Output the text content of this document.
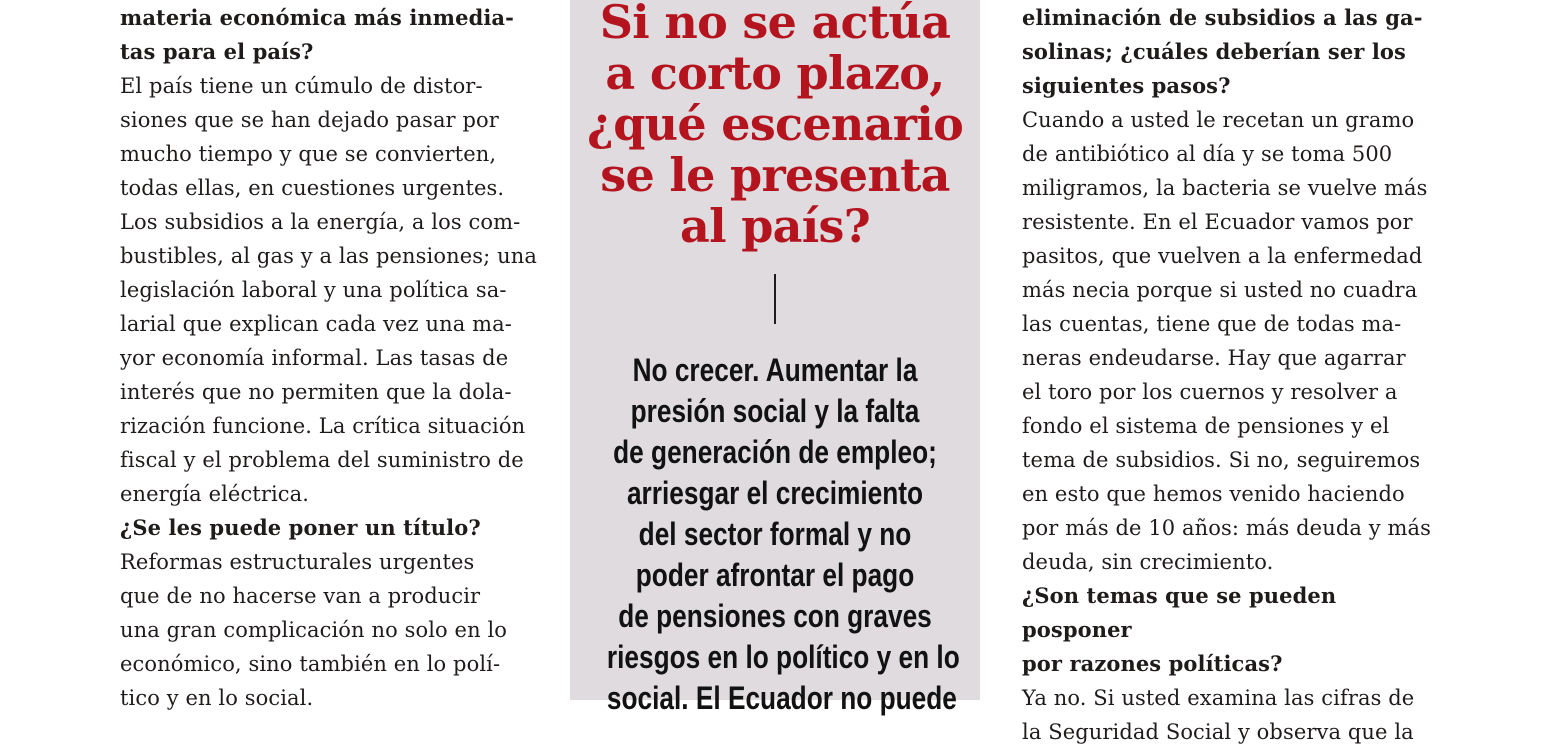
materia económica más inmedia-
tas para el país?

El país tiene un cúmulo de distor-
siones que se han dejado pasar por
mucho tiempo y que se convierten,
todas ellas, en cuestiones urgentes.
Los subsidios a la energía, a los com-
bustibles, al gas y a las pensiones; una
legislación laboral y una política sa-
larial que explican cada vez una ma-
yor economía informal. Las tasas de
interés que no permiten que la dola-
rización funcione. La crítica situación
fiscal y el problema del suministro de
energía eléctrica.

¿Se les puede poner un título?

Reformas estructurales urgentes
que de no hacerse van a producir
una gran complicación no solo en lo
económico, sino también en lo polí-
tico y en lo social.

Si no se actúa
a corto plazo,
¿qué escenario
se le presenta
al país?
No crecer. Aumentar la
presión social y la falta
de generación de empleo;
arriesgar el crecimiento
del sector formal y no
poder afrontar el pago
de pensiones con graves
riesgos en lo político y en lo
social. El Ecuador no puede

eliminación de subsidios a las ga-
solinas; ¿cuáles deberían ser los
siguientes pasos?

Cuando a usted le recetan un gramo
de antibiótico al día y se toma 500
miligramos, la bacteria se vuelve más
resistente. En el Ecuador vamos por
pasitos, que vuelven a la enfermedad
más necia porque si usted no cuadra
las cuentas, tiene que de todas ma-
neras endeudarse. Hay que agarrar
el toro por los cuernos y resolver a
fondo el sistema de pensiones y el
tema de subsidios. Si no, seguiremos
en esto que hemos venido haciendo
por más de 10 años: más deuda y más
deuda, sin crecimiento.

¿Son temas que se pueden posponer
por razones políticas?

Ya no. Si usted examina las cifras de
la Seguridad Social y observa que la
